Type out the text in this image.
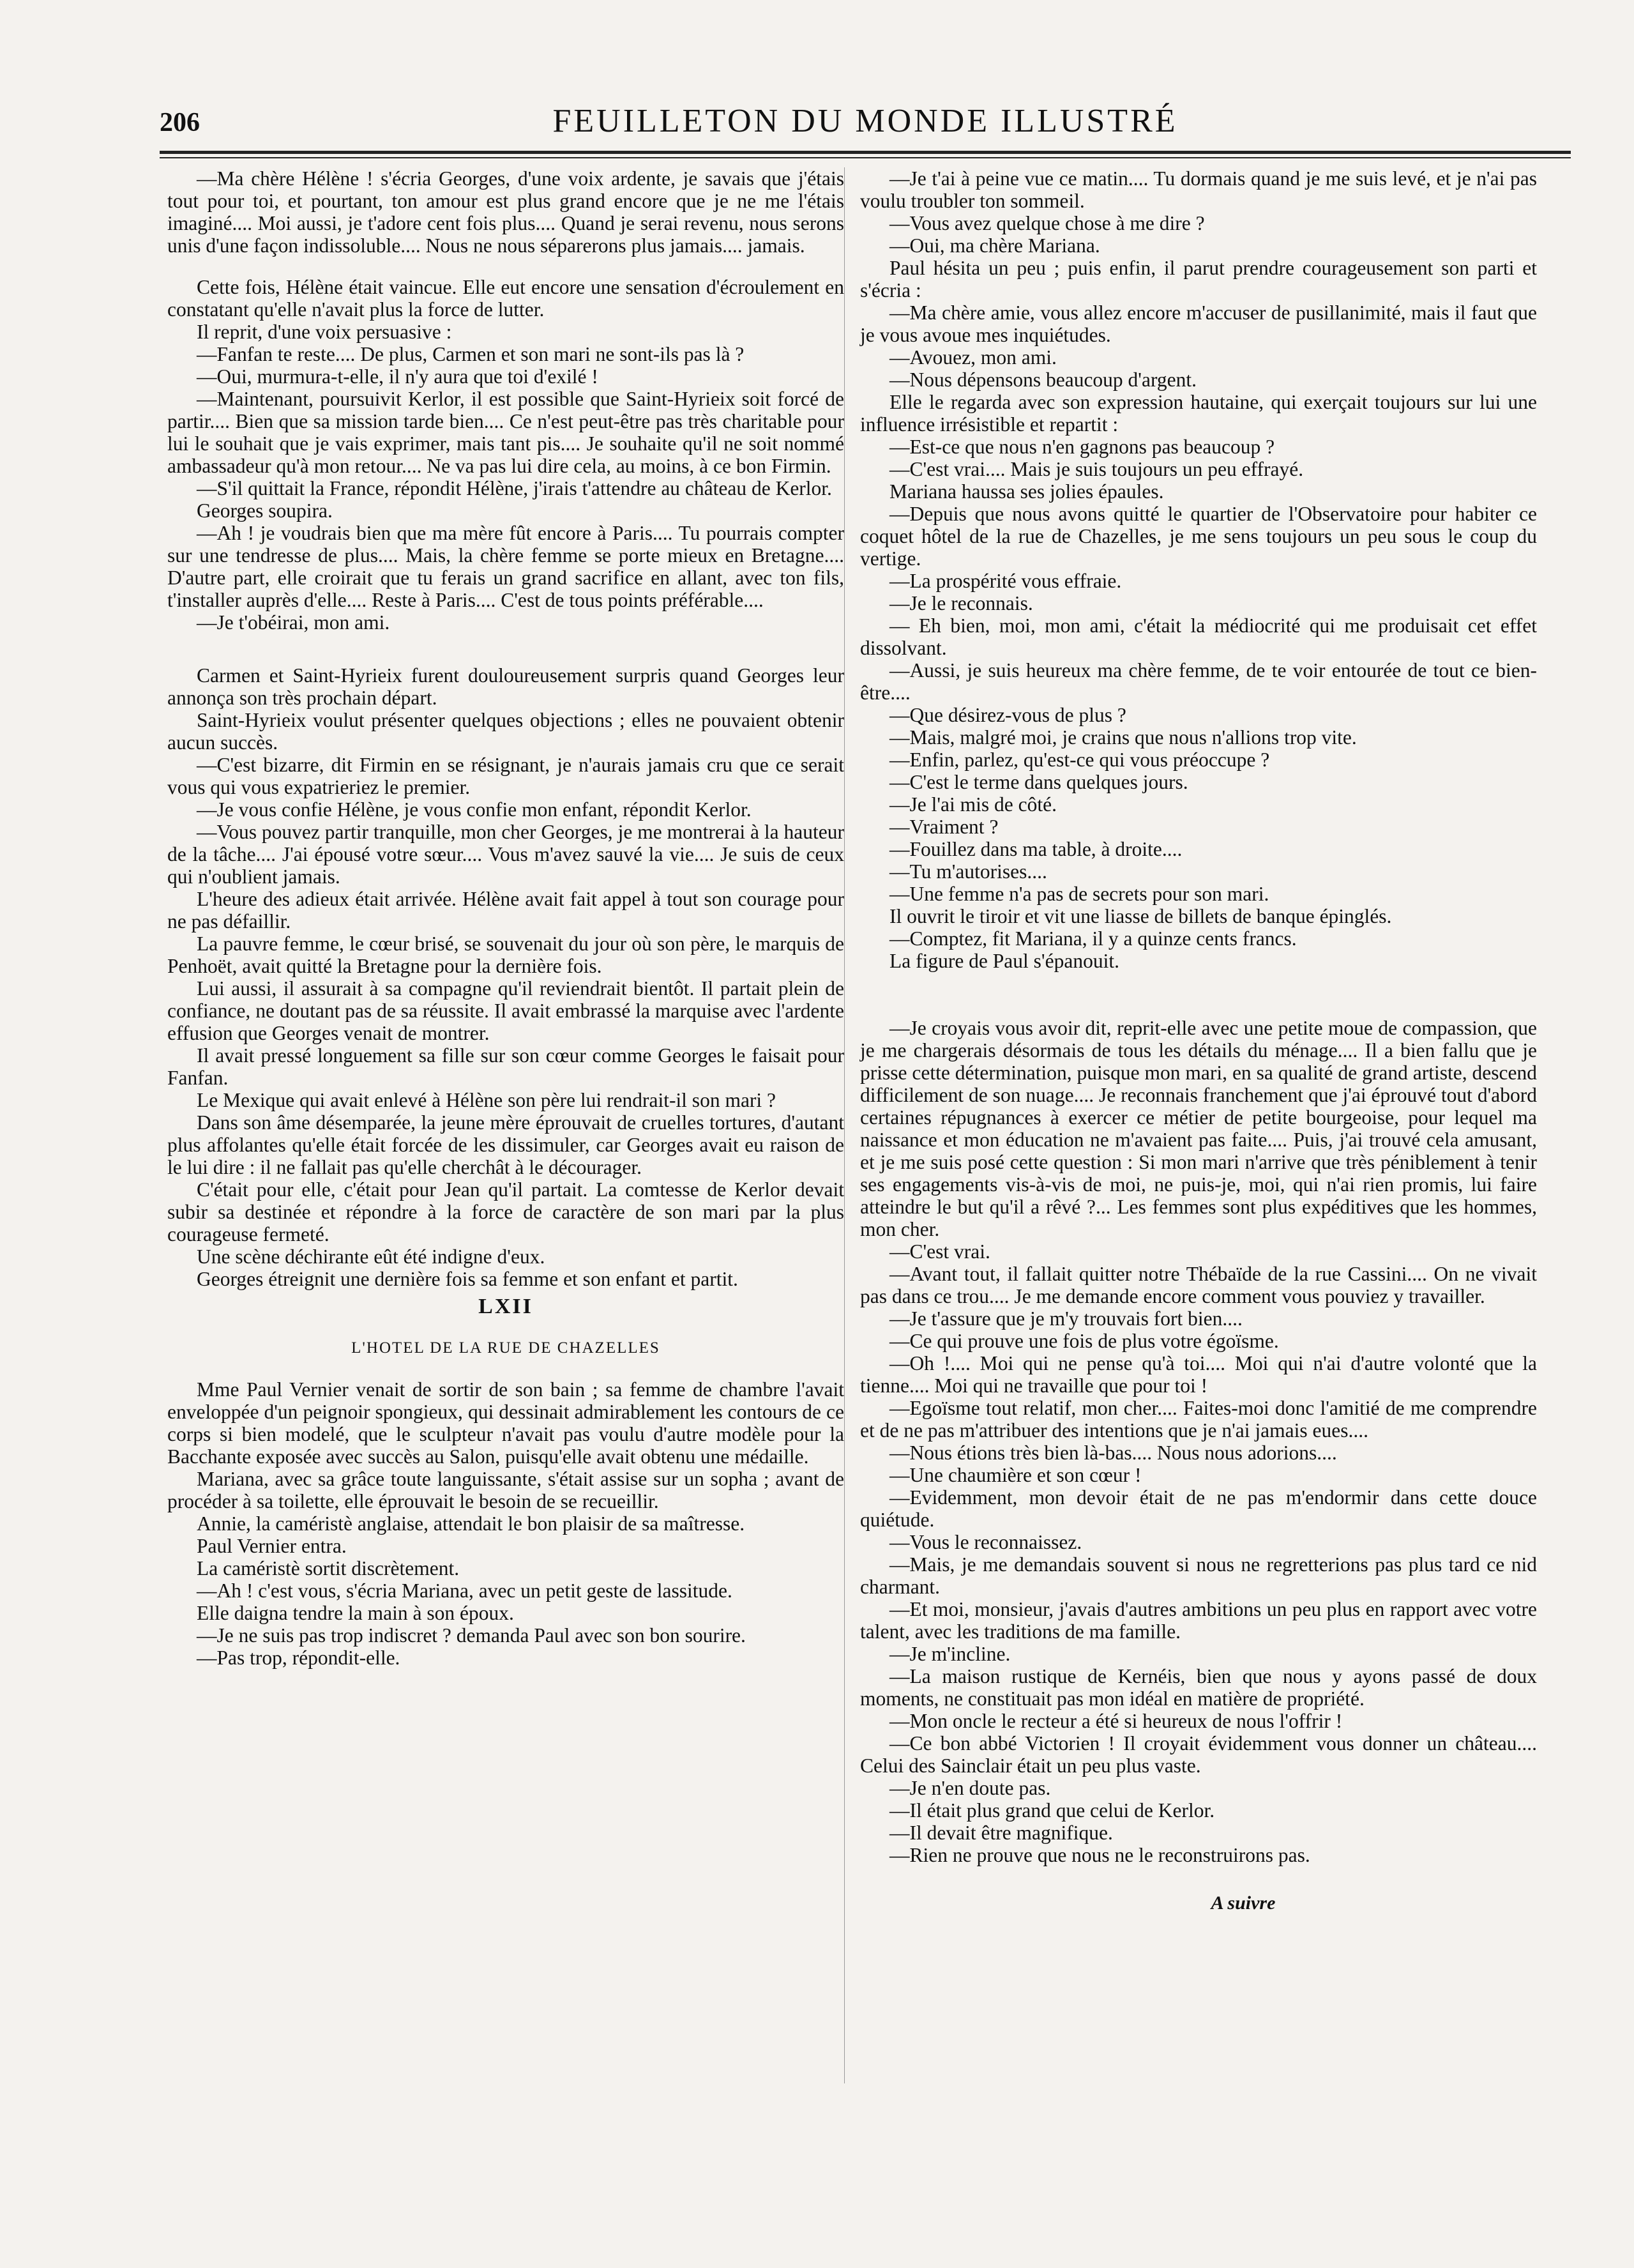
206	FEUILLETON DU MONDE ILLUSTRÉ

—Ma chère Hélène ! s'écria Georges, d'une voix ardente, je savais que j'étais tout pour toi, et pourtant, ton amour est plus grand encore que je ne me l'étais imaginé.... Moi aussi, je t'adore cent fois plus.... Quand je serai revenu, nous serons unis d'une façon indissoluble.... Nous ne nous séparerons plus jamais.... jamais.

Cette fois, Hélène était vaincue. Elle eut encore une sensation d'écroulement en constatant qu'elle n'avait plus la force de lutter.

Il reprit, d'une voix persuasive :

—Fanfan te reste.... De plus, Carmen et son mari ne sont-ils pas là ?

—Oui, murmura-t-elle, il n'y aura que toi d'exilé !

—Maintenant, poursuivit Kerlor, il est possible que Saint-Hyrieix soit forcé de partir.... Bien que sa mission tarde bien.... Ce n'est peut-être pas très charitable pour lui le souhait que je vais exprimer, mais tant pis.... Je souhaite qu'il ne soit nommé ambassadeur qu'à mon retour.... Ne va pas lui dire cela, au moins, à ce bon Firmin.

—S'il quittait la France, répondit Hélène, j'irais t'attendre au château de Kerlor.

Georges soupira.

—Ah ! je voudrais bien que ma mère fût encore à Paris.... Tu pourrais compter sur une tendresse de plus.... Mais, la chère femme se porte mieux en Bretagne.... D'autre part, elle croirait que tu ferais un grand sacrifice en allant, avec ton fils, t'installer auprès d'elle.... Reste à Paris.... C'est de tous points préférable....

—Je t'obéirai, mon ami.

Carmen et Saint-Hyrieix furent douloureusement surpris quand Georges leur annonça son très prochain départ.

Saint-Hyrieix voulut présenter quelques objections ; elles ne pouvaient obtenir aucun succès.

—C'est bizarre, dit Firmin en se résignant, je n'aurais jamais cru que ce serait vous qui vous expatrieriez le premier.

—Je vous confie Hélène, je vous confie mon enfant, répondit Kerlor.

—Vous pouvez partir tranquille, mon cher Georges, je me montrerai à la hauteur de la tâche.... J'ai épousé votre sœur.... Vous m'avez sauvé la vie.... Je suis de ceux qui n'oublient jamais.

L'heure des adieux était arrivée. Hélène avait fait appel à tout son courage pour ne pas défaillir.

La pauvre femme, le cœur brisé, se souvenait du jour où son père, le marquis de Penhoët, avait quitté la Bretagne pour la dernière fois.

Lui aussi, il assurait à sa compagne qu'il reviendrait bientôt. Il partait plein de confiance, ne doutant pas de sa réussite. Il avait embrassé la marquise avec l'ardente effusion que Georges venait de montrer.

Il avait pressé longuement sa fille sur son cœur comme Georges le faisait pour Fanfan.

Le Mexique qui avait enlevé à Hélène son père lui rendrait-il son mari ?

Dans son âme désemparée, la jeune mère éprouvait de cruelles tortures, d'autant plus affolantes qu'elle était forcée de les dissimuler, car Georges avait eu raison de le lui dire : il ne fallait pas qu'elle cherchât à le décourager.

C'était pour elle, c'était pour Jean qu'il partait. La comtesse de Kerlor devait subir sa destinée et répondre à la force de caractère de son mari par la plus courageuse fermeté.

Une scène déchirante eût été indigne d'eux.

Georges étreignit une dernière fois sa femme et son enfant et partit.

LXII
L'HOTEL DE LA RUE DE CHAZELLES

Mme Paul Vernier venait de sortir de son bain ; sa femme de chambre l'avait enveloppée d'un peignoir spongieux, qui dessinait admirablement les contours de ce corps si bien modelé, que le sculpteur n'avait pas voulu d'autre modèle pour la Bacchante exposée avec succès au Salon, puisqu'elle avait obtenu une médaille.

Mariana, avec sa grâce toute languissante, s'était assise sur un sopha ; avant de procéder à sa toilette, elle éprouvait le besoin de se recueillir.

Annie, la caméristè anglaise, attendait le bon plaisir de sa maîtresse.

Paul Vernier entra.

La caméristè sortit discrètement.

—Ah ! c'est vous, s'écria Mariana, avec un petit geste de lassitude.

Elle daigna tendre la main à son époux.

—Je ne suis pas trop indiscret ? demanda Paul avec son bon sourire.

—Pas trop, répondit-elle.

—Je t'ai à peine vue ce matin.... Tu dormais quand je me suis levé, et je n'ai pas voulu troubler ton sommeil.

—Vous avez quelque chose à me dire ?

—Oui, ma chère Mariana.

Paul hésita un peu ; puis enfin, il parut prendre courageusement son parti et s'écria :

—Ma chère amie, vous allez encore m'accuser de pusillanimité, mais il faut que je vous avoue mes inquiétudes.

—Avouez, mon ami.

—Nous dépensons beaucoup d'argent.

Elle le regarda avec son expression hautaine, qui exerçait toujours sur lui une influence irrésistible et repartit :

—Est-ce que nous n'en gagnons pas beaucoup ?

—C'est vrai.... Mais je suis toujours un peu effrayé.

Mariana haussa ses jolies épaules.

—Depuis que nous avons quitté le quartier de l'Observatoire pour habiter ce coquet hôtel de la rue de Chazelles, je me sens toujours un peu sous le coup du vertige.

—La prospérité vous effraie.

—Je le reconnais.

— Eh bien, moi, mon ami, c'était la médiocrité qui me produisait cet effet dissolvant.

—Aussi, je suis heureux ma chère femme, de te voir entourée de tout ce bien-être....

—Que désirez-vous de plus ?

—Mais, malgré moi, je crains que nous n'allions trop vite.

—Enfin, parlez, qu'est-ce qui vous préoccupe ?

—C'est le terme dans quelques jours.

—Je l'ai mis de côté.

—Vraiment ?

—Fouillez dans ma table, à droite....

—Tu m'autorises....

—Une femme n'a pas de secrets pour son mari.

Il ouvrit le tiroir et vit une liasse de billets de banque épinglés.

—Comptez, fit Mariana, il y a quinze cents francs.

La figure de Paul s'épanouit.

—Je croyais vous avoir dit, reprit-elle avec une petite moue de compassion, que je me chargerais désormais de tous les détails du ménage.... Il a bien fallu que je prisse cette détermination, puisque mon mari, en sa qualité de grand artiste, descend difficilement de son nuage.... Je reconnais franchement que j'ai éprouvé tout d'abord certaines répugnances à exercer ce métier de petite bourgeoise, pour lequel ma naissance et mon éducation ne m'avaient pas faite.... Puis, j'ai trouvé cela amusant, et je me suis posé cette question : Si mon mari n'arrive que très péniblement à tenir ses engagements vis-à-vis de moi, ne puis-je, moi, qui n'ai rien promis, lui faire atteindre le but qu'il a rêvé ?... Les femmes sont plus expéditives que les hommes, mon cher.

—C'est vrai.

—Avant tout, il fallait quitter notre Thébaïde de la rue Cassini.... On ne vivait pas dans ce trou.... Je me demande encore comment vous pouviez y travailler.

—Je t'assure que je m'y trouvais fort bien....

—Ce qui prouve une fois de plus votre égoïsme.

—Oh !.... Moi qui ne pense qu'à toi.... Moi qui n'ai d'autre volonté que la tienne.... Moi qui ne travaille que pour toi !

—Egoïsme tout relatif, mon cher.... Faites-moi donc l'amitié de me comprendre et de ne pas m'attribuer des intentions que je n'ai jamais eues....

—Nous étions très bien là-bas.... Nous nous adorions....

—Une chaumière et son cœur !

—Evidemment, mon devoir était de ne pas m'endormir dans cette douce quiétude.

—Vous le reconnaissez.

—Mais, je me demandais souvent si nous ne regretterions pas plus tard ce nid charmant.

—Et moi, monsieur, j'avais d'autres ambitions un peu plus en rapport avec votre talent, avec les traditions de ma famille.

—Je m'incline.

—La maison rustique de Kernéis, bien que nous y ayons passé de doux moments, ne constituait pas mon idéal en matière de propriété.

—Mon oncle le recteur a été si heureux de nous l'offrir !

—Ce bon abbé Victorien ! Il croyait évidemment vous donner un château.... Celui des Sainclair était un peu plus vaste.

—Je n'en doute pas.

—Il était plus grand que celui de Kerlor.

—Il devait être magnifique.

—Rien ne prouve que nous ne le reconstruirons pas.

A suivre
